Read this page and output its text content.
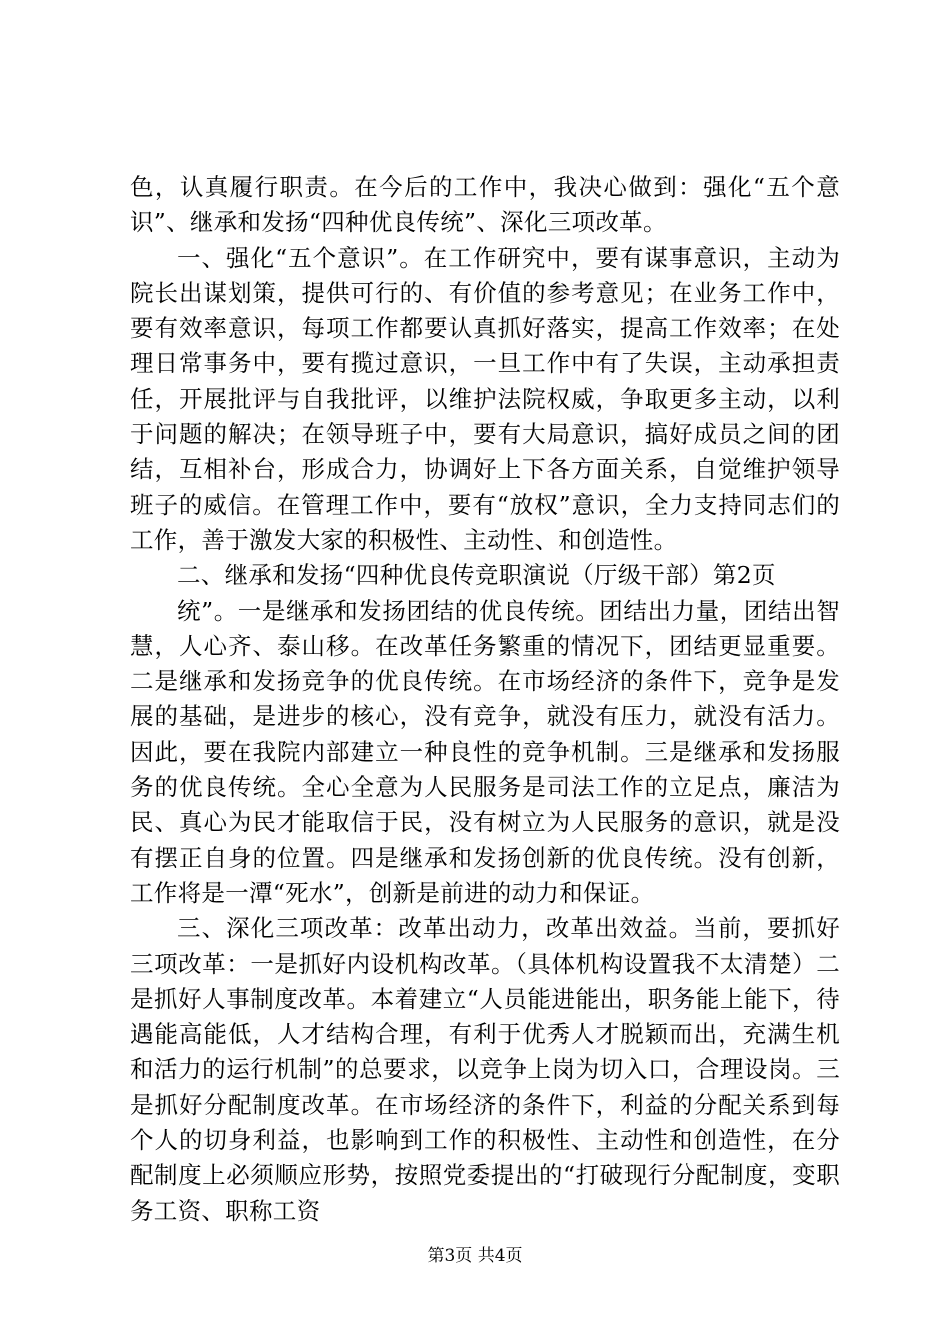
色，认真履行职责。在今后的工作中，我决心做到：强化“五个意识”、继承和发扬“四种优良传统”、深化三项改革。

一、强化“五个意识”。在工作研究中，要有谋事意识，主动为院长出谋划策，提供可行的、有价值的参考意见；在业务工作中，要有效率意识，每项工作都要认真抓好落实，提高工作效率；在处理日常事务中，要有揽过意识，一旦工作中有了失误，主动承担责任，开展批评与自我批评，以维护法院权威，争取更多主动，以利于问题的解决；在领导班子中，要有大局意识，搞好成员之间的团结，互相补台，形成合力，协调好上下各方面关系，自觉维护领导班子的威信。在管理工作中，要有“放权”意识，全力支持同志们的工作，善于激发大家的积极性、主动性、和创造性。

二、继承和发扬“四种优良传竞职演说（厅级干部）第2页

统”。一是继承和发扬团结的优良传统。团结出力量，团结出智慧，人心齐、泰山移。在改革任务繁重的情况下，团结更显重要。二是继承和发扬竞争的优良传统。在市场经济的条件下，竞争是发展的基础，是进步的核心，没有竞争，就没有压力，就没有活力。因此，要在我院内部建立一种良性的竞争机制。三是继承和发扬服务的优良传统。全心全意为人民服务是司法工作的立足点，廉洁为民、真心为民才能取信于民，没有树立为人民服务的意识，就是没有摆正自身的位置。四是继承和发扬创新的优良传统。没有创新，工作将是一潭“死水”，创新是前进的动力和保证。

三、深化三项改革：改革出动力，改革出效益。当前，要抓好三项改革：一是抓好内设机构改革。（具体机构设置我不太清楚）二是抓好人事制度改革。本着建立“人员能进能出，职务能上能下，待遇能高能低，人才结构合理，有利于优秀人才脱颖而出，充满生机和活力的运行机制”的总要求，以竞争上岗为切入口，合理设岗。三是抓好分配制度改革。在市场经济的条件下，利益的分配关系到每个人的切身利益，也影响到工作的积极性、主动性和创造性，在分配制度上必须顺应形势，按照党委提出的“打破现行分配制度，变职务工资、职称工资

第3页 共4页
